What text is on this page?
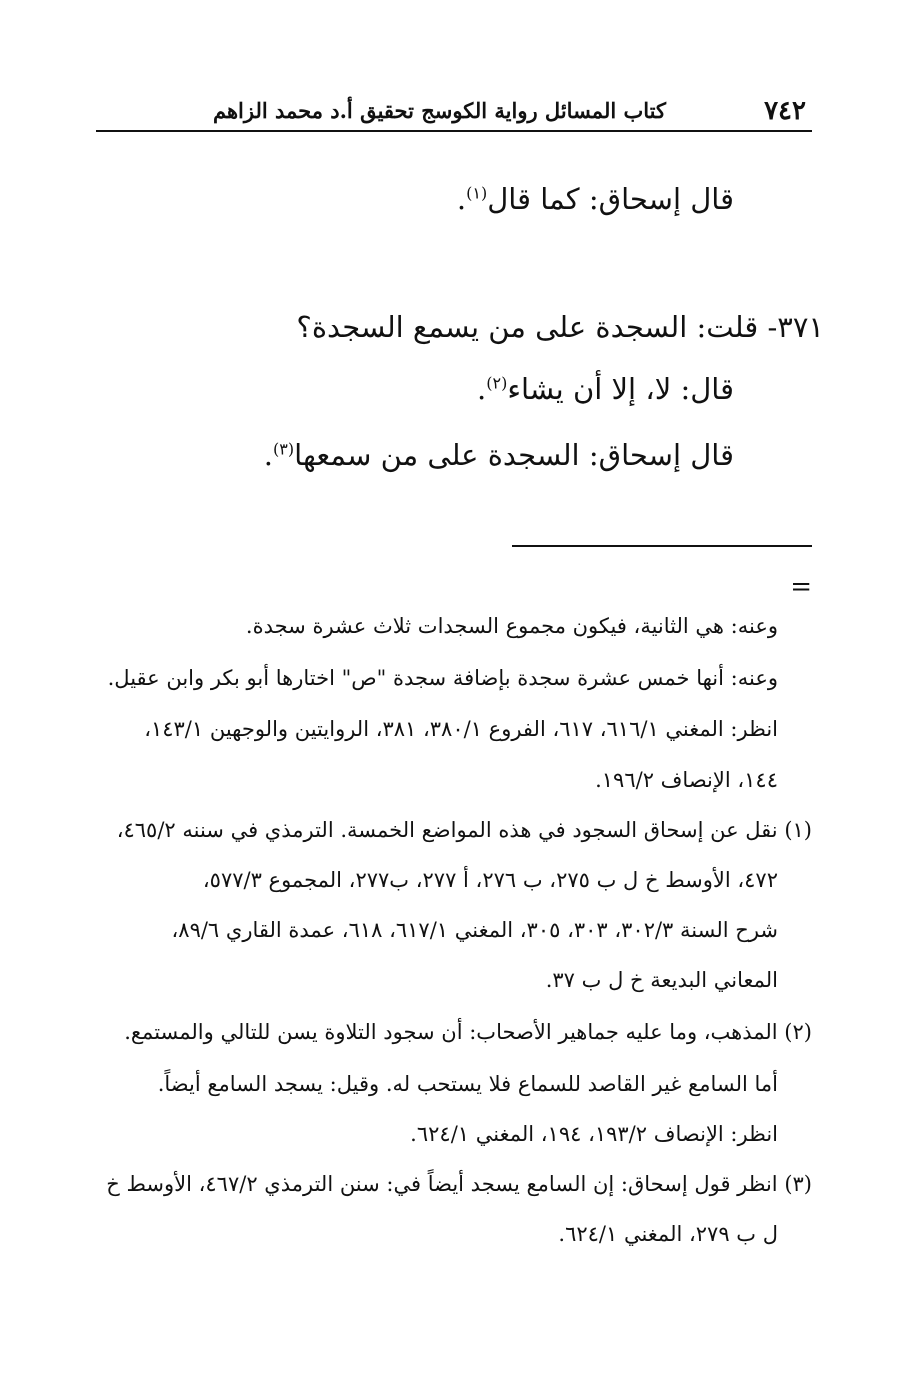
٧٤٢
كتاب المسائل رواية الكوسج تحقيق أ.د محمد الزاهم
قال إسحاق: كما قال$^{(١)}$.
٣٧١- قلت: السجدة على من يسمع السجدة؟
قال: لا، إلا أن يشاء$^{(٢)}$.
قال إسحاق: السجدة على من سمعها$^{(٣)}$.
=
وعنه: هي الثانية، فيكون مجموع السجدات ثلاث عشرة سجدة.
وعنه: أنها خمس عشرة سجدة بإضافة سجدة "ص" اختارها أبو بكر وابن عقيل.
انظر: المغني ٦١٦/١، ٦١٧، الفروع ٣٨٠/١، ٣٨١، الروايتين والوجهين ١٤٣/١،
١٤٤، الإنصاف ١٩٦/٢.
(١) نقل عن إسحاق السجود في هذه المواضع الخمسة. الترمذي في سننه ٤٦٥/٢،
٤٧٢، الأوسط خ ل ب ٢٧٥، ب ٢٧٦، أ ٢٧٧، ب٢٧٧، المجموع ٥٧٧/٣،
شرح السنة ٣٠٢/٣، ٣٠٣، ٣٠٥، المغني ٦١٧/١، ٦١٨، عمدة القاري ٨٩/٦،
المعاني البديعة خ ل ب ٣٧.
(٢) المذهب، وما عليه جماهير الأصحاب: أن سجود التلاوة يسن للتالي والمستمع.
أما السامع غير القاصد للسماع فلا يستحب له. وقيل: يسجد السامع أيضاً.
انظر: الإنصاف ١٩٣/٢، ١٩٤، المغني ٦٢٤/١.
(٣) انظر قول إسحاق: إن السامع يسجد أيضاً في: سنن الترمذي ٤٦٧/٢، الأوسط خ
ل ب ٢٧٩، المغني ٦٢٤/١.
